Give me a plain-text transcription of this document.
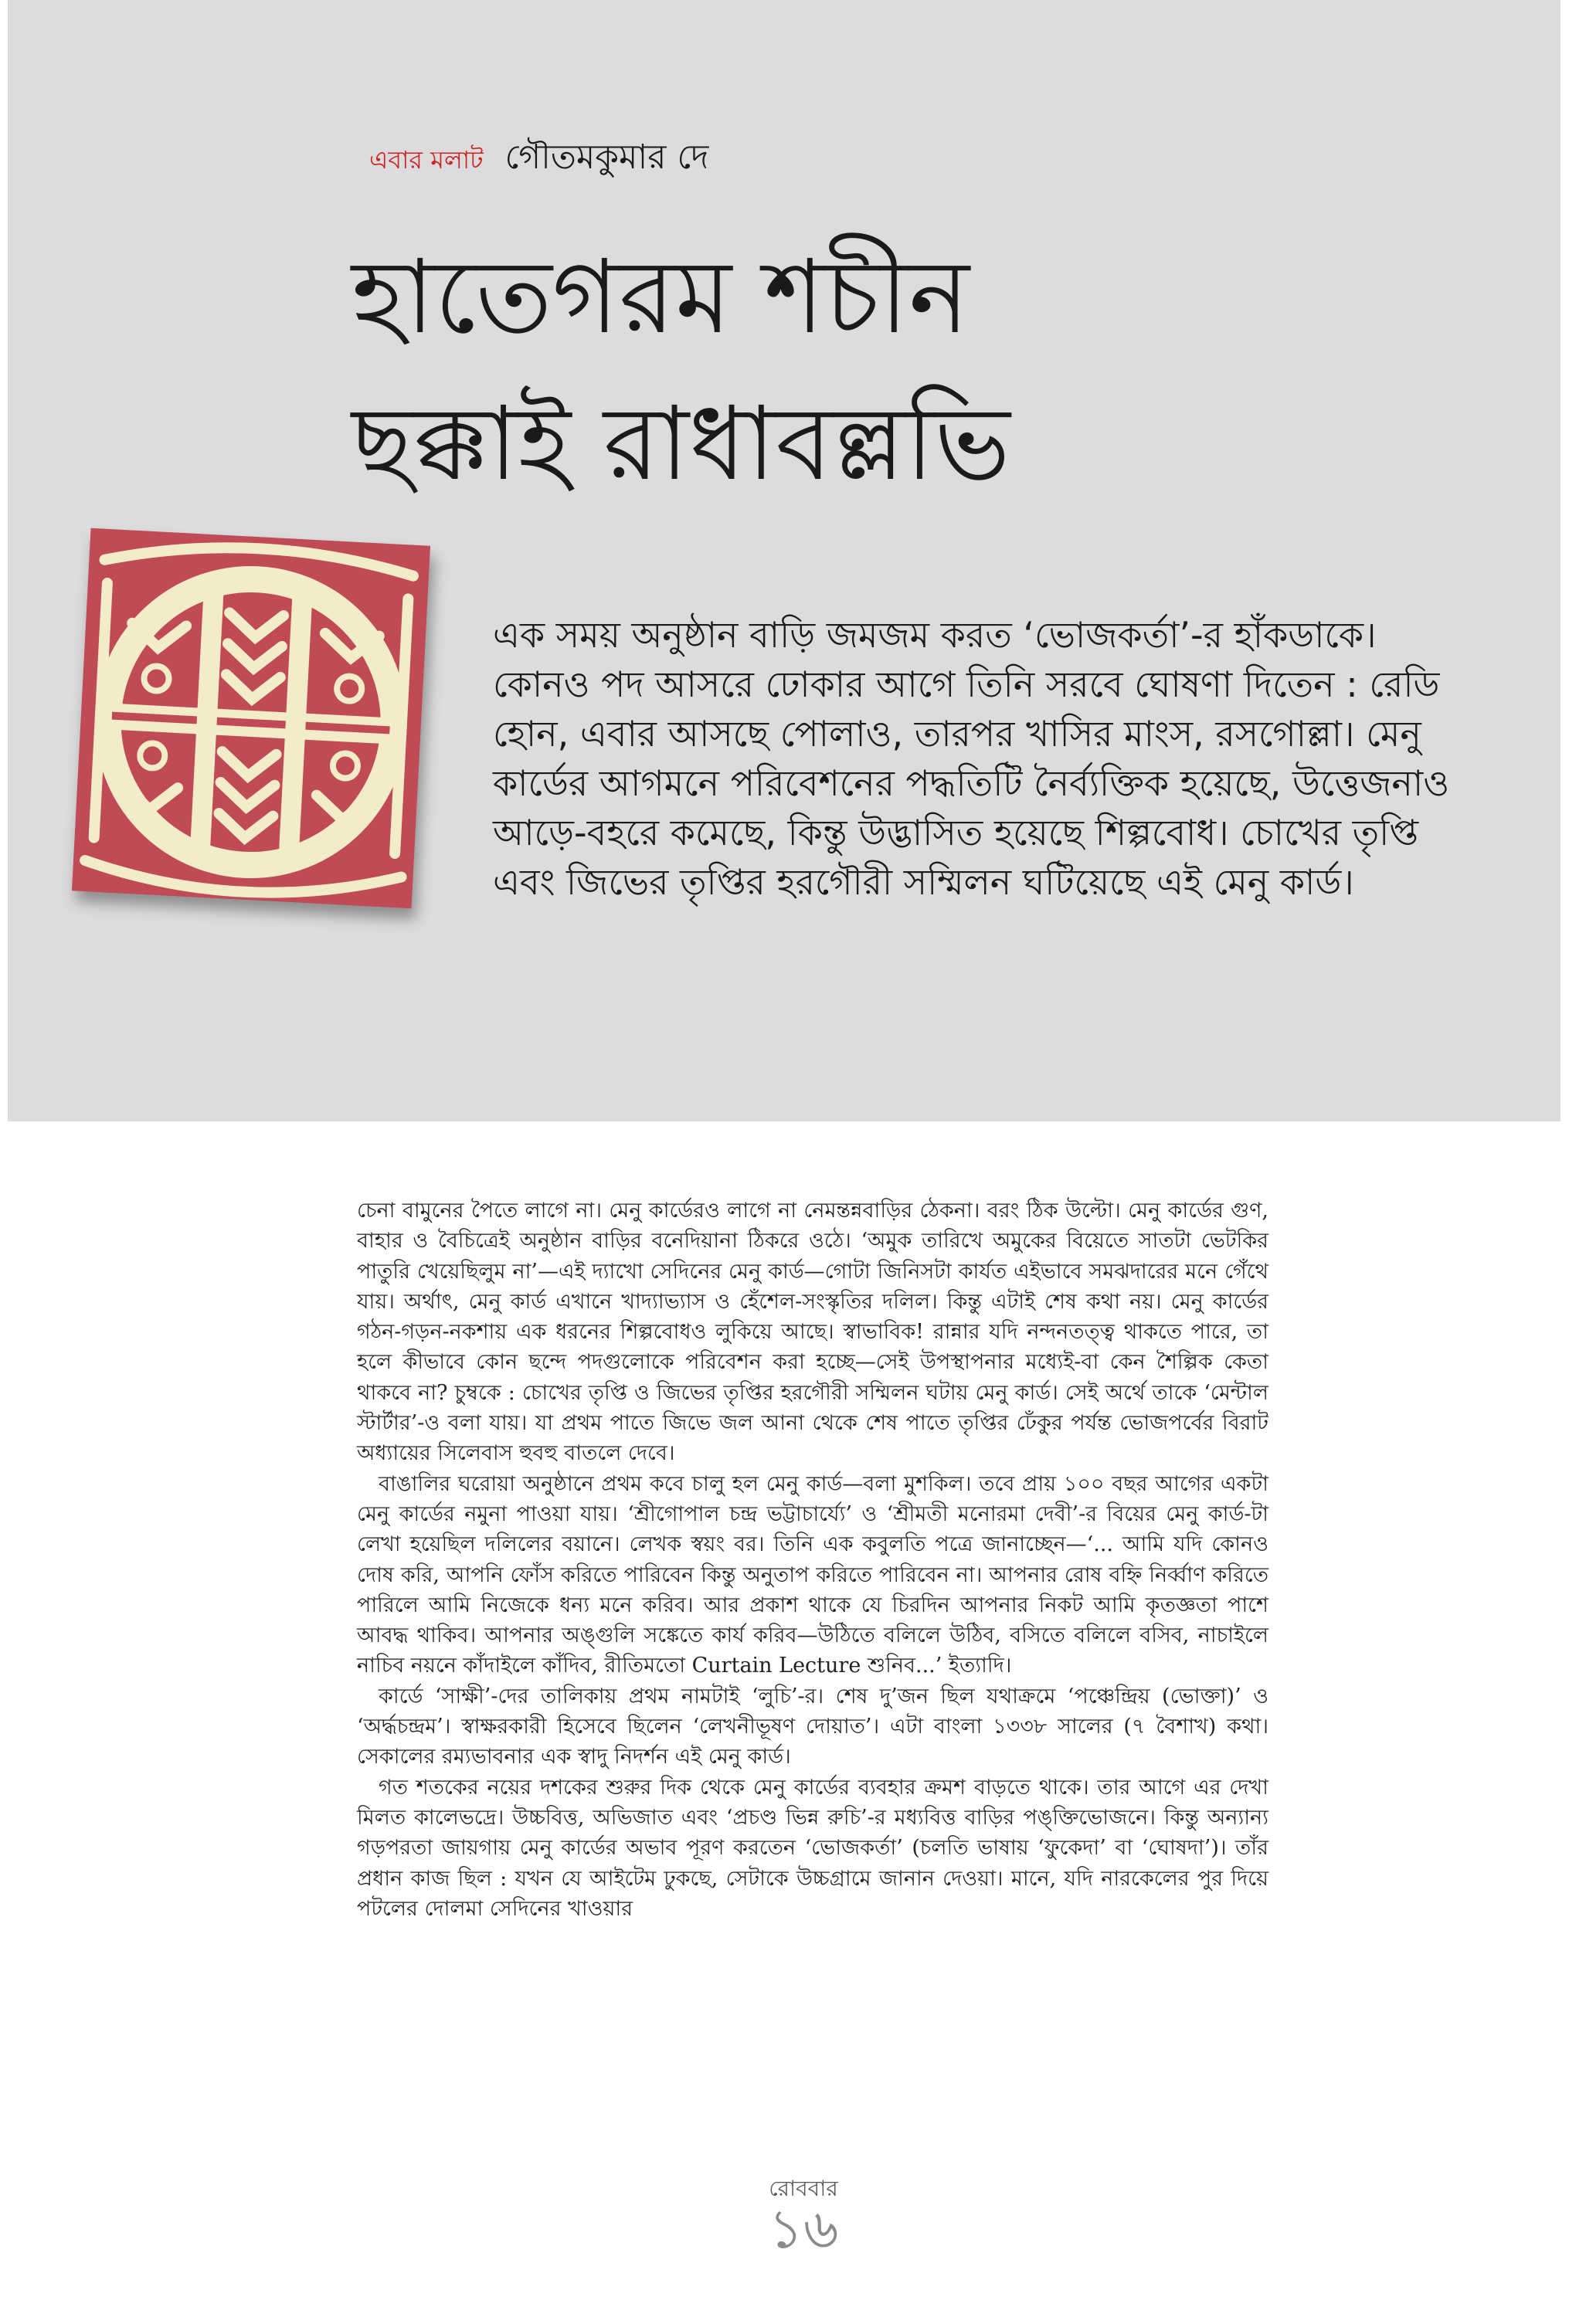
এবার মলাট গৌতমকুমার দে
হাতেগরম শচীন
ছক্কাই রাধাবল্লভি
এক সময় অনুষ্ঠান বাড়ি জমজম করত ‘ভোজকর্তা’-র হাঁকডাকে। কোনও পদ আসরে ঢোকার আগে তিনি সরবে ঘোষণা দিতেন : রেডি হোন, এবার আসছে পোলাও, তারপর খাসির মাংস, রসগোল্লা। মেনু কার্ডের আগমনে পরিবেশনের পদ্ধতিটি নৈর্ব্যক্তিক হয়েছে, উত্তেজনাও আড়ে-বহরে কমেছে, কিন্তু উদ্ভাসিত হয়েছে শিল্পবোধ। চোখের তৃপ্তি এবং জিভের তৃপ্তির হরগৌরী সম্মিলন ঘটিয়েছে এই মেনু কার্ড।

চেনা বামুনের পৈতে লাগে না। মেনু কার্ডেরও লাগে না নেমন্তন্নবাড়ির ঠেকনা। বরং ঠিক উল্টো। মেনু কার্ডের গুণ, বাহার ও বৈচিত্রেই অনুষ্ঠান বাড়ির বনেদিয়ানা ঠিকরে ওঠে। ‘অমুক তারিখে অমুকের বিয়েতে সাতটা ভেটকির পাতুরি খেয়েছিলুম না’—এই দ্যাখো সেদিনের মেনু কার্ড—গোটা জিনিসটা কার্যত এইভাবে সমঝদারের মনে গেঁথে যায়। অর্থাৎ, মেনু কার্ড এখানে খাদ্যাভ্যাস ও হেঁশেল-সংস্কৃতির দলিল। কিন্তু এটাই শেষ কথা নয়। মেনু কার্ডের গঠন-গড়ন-নকশায় এক ধরনের শিল্পবোধও লুকিয়ে আছে। স্বাভাবিক! রান্নার যদি নন্দনতত্ত্ব থাকতে পারে, তা হলে কীভাবে কোন ছন্দে পদগুলোকে পরিবেশন করা হচ্ছে—সেই উপস্থাপনার মধ্যেই-বা কেন শৈল্পিক কেতা থাকবে না? চুম্বকে : চোখের তৃপ্তি ও জিভের তৃপ্তির হরগৌরী সম্মিলন ঘটায় মেনু কার্ড। সেই অর্থে তাকে ‘মেন্টাল স্টার্টার’-ও বলা যায়। যা প্রথম পাতে জিভে জল আনা থেকে শেষ পাতে তৃপ্তির ঢেঁকুর পর্যন্ত ভোজপর্বের বিরাট অধ্যায়ের সিলেবাস হুবহু বাতলে দেবে।

বাঙালির ঘরোয়া অনুষ্ঠানে প্রথম কবে চালু হল মেনু কার্ড—বলা মুশকিল। তবে প্রায় ১০০ বছর আগের একটা মেনু কার্ডের নমুনা পাওয়া যায়। ‘শ্রীগোপাল চন্দ্র ভট্টাচার্য্যে’ ও ‘শ্রীমতী মনোরমা দেবী’-র বিয়ের মেনু কার্ড-টা লেখা হয়েছিল দলিলের বয়ানে। লেখক স্বয়ং বর। তিনি এক কবুলতি পত্রে জানাচ্ছেন—‘... আমি যদি কোনও দোষ করি, আপনি ফোঁস করিতে পারিবেন কিন্তু অনুতাপ করিতে পারিবেন না। আপনার রোষ বহ্নি নির্ব্বাণ করিতে পারিলে আমি নিজেকে ধন্য মনে করিব। আর প্রকাশ থাকে যে চিরদিন আপনার নিকট আমি কৃতজ্ঞতা পাশে আবদ্ধ থাকিব। আপনার অঙ্গুলি সঙ্কেতে কার্য করিব—উঠিতে বলিলে উঠিব, বসিতে বলিলে বসিব, নাচাইলে নাচিব নয়নে কাঁদাইলে কাঁদিব, রীতিমতো Curtain Lecture শুনিব...’ ইত্যাদি।

কার্ডে ‘সাক্ষী’-দের তালিকায় প্রথম নামটাই ‘লুচি’-র। শেষ দু’জন ছিল যথাক্রমে ‘পঞ্চেন্দ্রিয় (ভোক্তা)’ ও ‘অর্দ্ধচন্দ্রম’। স্বাক্ষরকারী হিসেবে ছিলেন ‘লেখনীভূষণ দোয়াত’। এটা বাংলা ১৩৩৮ সালের (৭ বৈশাখ) কথা। সেকালের রম্যভাবনার এক স্বাদু নিদর্শন এই মেনু কার্ড।

গত শতকের নয়ের দশকের শুরুর দিক থেকে মেনু কার্ডের ব্যবহার ক্রমশ বাড়তে থাকে। তার আগে এর দেখা মিলত কালেভদ্রে। উচ্চবিত্ত, অভিজাত এবং ‘প্রচণ্ড ভিন্ন রুচি’-র মধ্যবিত্ত বাড়ির পঙ্‌ক্তিভোজনে। কিন্তু অন্যান্য গড়পরতা জায়গায় মেনু কার্ডের অভাব পূরণ করতেন ‘ভোজকর্তা’ (চলতি ভাষায় ‘ফুকেদা’ বা ‘ঘোষদা’)। তাঁর প্রধান কাজ ছিল : যখন যে আইটেম ঢুকছে, সেটাকে উচ্চগ্রামে জানান দেওয়া। মানে, যদি নারকেলের পুর দিয়ে পটলের দোলমা সেদিনের খাওয়ার

রোববার
১৬
